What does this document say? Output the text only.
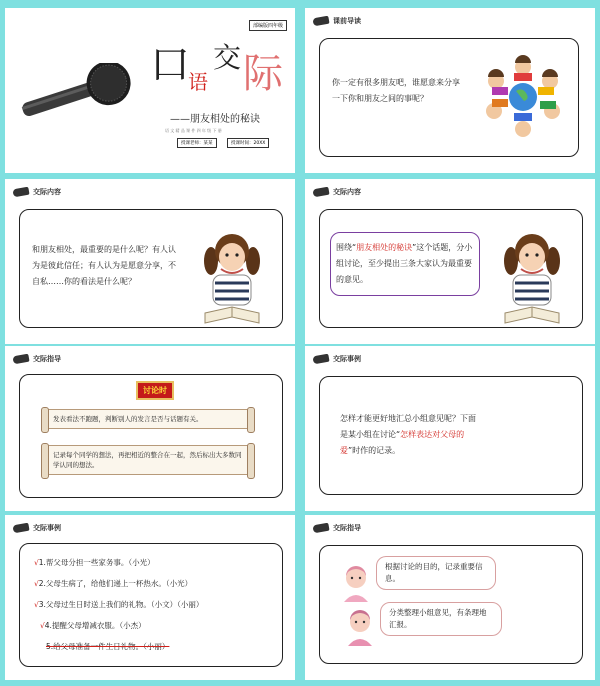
部编版四年级
口
语
交 际
——朋友相处的秘诀
语 文 精 品 课 件 四 年 级 下 册
授课老师：某某	授课时间：20XX
课前导读
你一定有很多朋友吧，谁愿意来分享一下你和朋友之间的事呢？
交际内容
和朋友相处，最重要的是什么呢？有人认为是彼此信任；有人认为是愿意分享，不自私……你的看法是什么呢？
交际内容
围绕“朋友相处的秘诀”这个话题，分小组讨论，至少提出三条大家认为最重要的意见。
交际指导
讨论时
发表看法不跑题，判断别人的发言是否与话题有关。
记录每个同学的想法，再把相近的整合在一起，然后标出大多数同学认同的想法。
交际事例
怎样才能更好地汇总小组意见呢？下面是某小组在讨论“怎样表达对父母的爱”时作的记录。
交际事例
√1.帮父母分担一些家务事。（小光）
√2.父母生病了，给他们递上一杯热水。（小光）
√3.父母过生日时送上我们的礼物。（小文）（小丽）
√4.提醒父母增减衣服。（小杰）
5.给父母准备一件生日礼物。（小丽）
交际指导
根据讨论的目的，记录重要信息。
分类整理小组意见，有条理地汇报。
